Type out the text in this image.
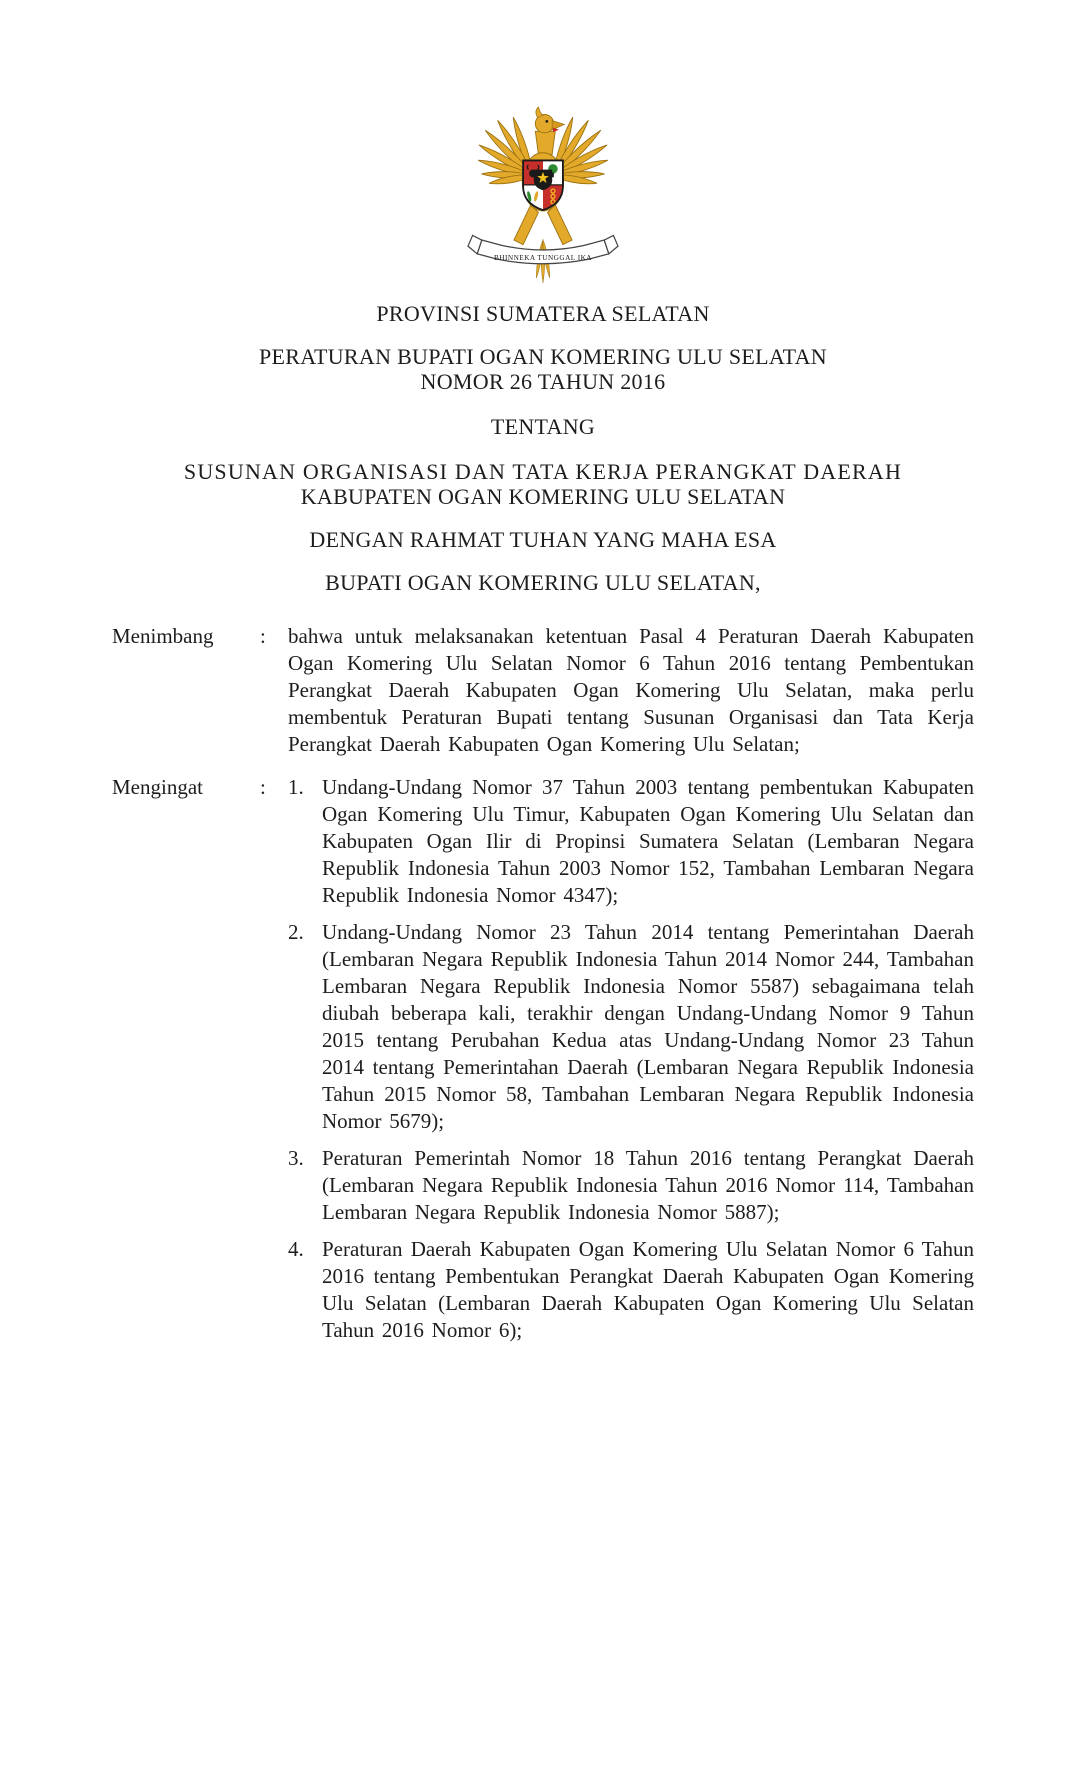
BHINNEKA TUNGGAL IKA
PROVINSI SUMATERA SELATAN
PERATURAN BUPATI OGAN KOMERING ULU SELATAN
NOMOR 26 TAHUN 2016
TENTANG
SUSUNAN ORGANISASI DAN TATA KERJA PERANGKAT DAERAH
KABUPATEN OGAN KOMERING ULU SELATAN
DENGAN RAHMAT TUHAN YANG MAHA ESA
BUPATI OGAN KOMERING ULU SELATAN,
Menimbang	:	bahwa untuk melaksanakan ketentuan Pasal 4 Peraturan Daerah Kabupaten Ogan Komering Ulu Selatan Nomor 6 Tahun 2016 tentang Pembentukan Perangkat Daerah Kabupaten Ogan Komering Ulu Selatan, maka perlu membentuk Peraturan Bupati tentang Susunan Organisasi dan Tata Kerja Perangkat Daerah Kabupaten Ogan Komering Ulu Selatan;
Mengingat	:	1. Undang-Undang Nomor 37 Tahun 2003 tentang pembentukan Kabupaten Ogan Komering Ulu Timur, Kabupaten Ogan Komering Ulu Selatan dan Kabupaten Ogan Ilir di Propinsi Sumatera Selatan (Lembaran Negara Republik Indonesia Tahun 2003 Nomor 152, Tambahan Lembaran Negara Republik Indonesia Nomor 4347);
2. Undang-Undang Nomor 23 Tahun 2014 tentang Pemerintahan Daerah (Lembaran Negara Republik Indonesia Tahun 2014 Nomor 244, Tambahan Lembaran Negara Republik Indonesia Nomor 5587) sebagaimana telah diubah beberapa kali, terakhir dengan Undang-Undang Nomor 9 Tahun 2015 tentang Perubahan Kedua atas Undang-Undang Nomor 23 Tahun 2014 tentang Pemerintahan Daerah (Lembaran Negara Republik Indonesia Tahun 2015 Nomor 58, Tambahan Lembaran Negara Republik Indonesia Nomor 5679);
3. Peraturan Pemerintah Nomor 18 Tahun 2016 tentang Perangkat Daerah (Lembaran Negara Republik Indonesia Tahun 2016 Nomor 114, Tambahan Lembaran Negara Republik Indonesia Nomor 5887);
4. Peraturan Daerah Kabupaten Ogan Komering Ulu Selatan Nomor 6 Tahun 2016 tentang Pembentukan Perangkat Daerah Kabupaten Ogan Komering Ulu Selatan (Lembaran Daerah Kabupaten Ogan Komering Ulu Selatan Tahun 2016 Nomor 6);
